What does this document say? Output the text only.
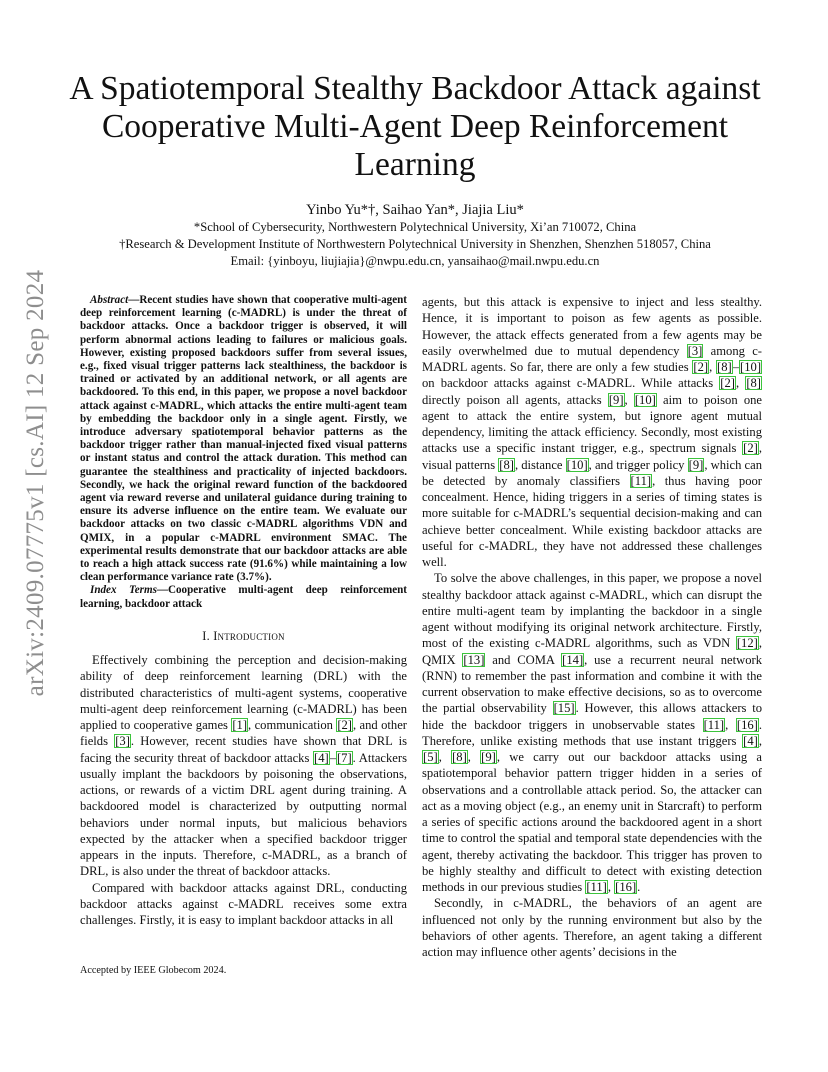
arXiv:2409.07775v1 [cs.AI] 12 Sep 2024
A Spatiotemporal Stealthy Backdoor Attack against
Cooperative Multi-Agent Deep Reinforcement
Learning
Yinbo Yu*†, Saihao Yan*, Jiajia Liu*
*School of Cybersecurity, Northwestern Polytechnical University, Xi’an 710072, China
†Research & Development Institute of Northwestern Polytechnical University in Shenzhen, Shenzhen 518057, China
Email: {yinboyu, liujiajia}@nwpu.edu.cn, yansaihao@mail.nwpu.edu.cn

Abstract—Recent studies have shown that cooperative multi-agent deep reinforcement learning (c-MADRL) is under the threat of backdoor attacks. Once a backdoor trigger is observed, it will perform abnormal actions leading to failures or malicious goals. However, existing proposed backdoors suffer from several issues, e.g., fixed visual trigger patterns lack stealthiness, the backdoor is trained or activated by an additional network, or all agents are backdoored. To this end, in this paper, we propose a novel backdoor attack against c-MADRL, which attacks the entire multi-agent team by embedding the backdoor only in a single agent. Firstly, we introduce adversary spatiotemporal behavior patterns as the backdoor trigger rather than manual-injected fixed visual patterns or instant status and control the attack duration. This method can guarantee the stealthiness and practicality of injected backdoors. Secondly, we hack the original reward function of the backdoored agent via reward reverse and unilateral guidance during training to ensure its adverse influence on the entire team. We evaluate our backdoor attacks on two classic c-MADRL algorithms VDN and QMIX, in a popular c-MADRL environment SMAC. The experimental results demonstrate that our backdoor attacks are able to reach a high attack success rate (91.6%) while maintaining a low clean performance variance rate (3.7%).

Index Terms—Cooperative multi-agent deep reinforcement learning, backdoor attack

I. Introduction

Effectively combining the perception and decision-making ability of deep reinforcement learning (DRL) with the distributed characteristics of multi-agent systems, cooperative multi-agent deep reinforcement learning (c-MADRL) has been applied to cooperative games [1], communication [2], and other fields [3]. However, recent studies have shown that DRL is facing the security threat of backdoor attacks [4]–[7]. Attackers usually implant the backdoors by poisoning the observations, actions, or rewards of a victim DRL agent during training. A backdoored model is characterized by outputting normal behaviors under normal inputs, but malicious behaviors expected by the attacker when a specified backdoor trigger appears in the inputs. Therefore, c-MADRL, as a branch of DRL, is also under the threat of backdoor attacks.

Compared with backdoor attacks against DRL, conducting backdoor attacks against c-MADRL receives some extra challenges. Firstly, it is easy to implant backdoor attacks in all

agents, but this attack is expensive to inject and less stealthy. Hence, it is important to poison as few agents as possible. However, the attack effects generated from a few agents may be easily overwhelmed due to mutual dependency [3] among c-MADRL agents. So far, there are only a few studies [2], [8]–[10] on backdoor attacks against c-MADRL. While attacks [2], [8] directly poison all agents, attacks [9], [10] aim to poison one agent to attack the entire system, but ignore agent mutual dependency, limiting the attack efficiency. Secondly, most existing attacks use a specific instant trigger, e.g., spectrum signals [2], visual patterns [8], distance [10], and trigger policy [9], which can be detected by anomaly classifiers [11], thus having poor concealment. Hence, hiding triggers in a series of timing states is more suitable for c-MADRL’s sequential decision-making and can achieve better concealment. While existing backdoor attacks are useful for c-MADRL, they have not addressed these challenges well.

To solve the above challenges, in this paper, we propose a novel stealthy backdoor attack against c-MADRL, which can disrupt the entire multi-agent team by implanting the backdoor in a single agent without modifying its original network architecture. Firstly, most of the existing c-MADRL algorithms, such as VDN [12], QMIX [13] and COMA [14], use a recurrent neural network (RNN) to remember the past information and combine it with the current observation to make effective decisions, so as to overcome the partial observability [15]. However, this allows attackers to hide the backdoor triggers in unobservable states [11], [16]. Therefore, unlike existing methods that use instant triggers [4], [5], [8], [9], we carry out our backdoor attacks using a spatiotemporal behavior pattern trigger hidden in a series of observations and a controllable attack period. So, the attacker can act as a moving object (e.g., an enemy unit in Starcraft) to perform a series of specific actions around the backdoored agent in a short time to control the spatial and temporal state dependencies with the agent, thereby activating the backdoor. This trigger has proven to be highly stealthy and difficult to detect with existing detection methods in our previous studies [11], [16].

Secondly, in c-MADRL, the behaviors of an agent are influenced not only by the running environment but also by the behaviors of other agents. Therefore, an agent taking a different action may influence other agents’ decisions in the

Accepted by IEEE Globecom 2024.
